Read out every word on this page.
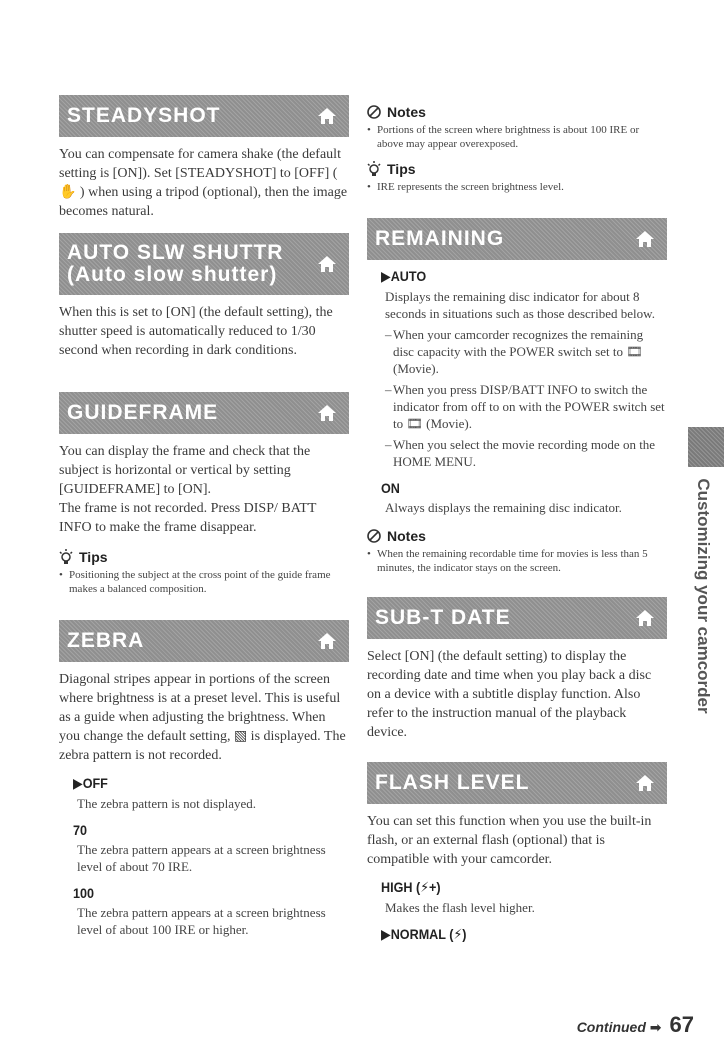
STEADYSHOT

You can compensate for camera shake (the default setting is [ON]). Set [STEADYSHOT] to [OFF] ( ✋ ) when using a tripod (optional), then the image becomes natural.

AUTO SLW SHUTTR
(Auto slow shutter)

When this is set to [ON] (the default setting), the shutter speed is automatically reduced to 1/30 second when recording in dark conditions.

GUIDEFRAME

You can display the frame and check that the subject is horizontal or vertical by setting [GUIDEFRAME] to [ON].

The frame is not recorded. Press DISP/ BATT INFO to make the frame disappear.

Tips

• Positioning the subject at the cross point of the guide frame makes a balanced composition.

ZEBRA

Diagonal stripes appear in portions of the screen where brightness is at a preset level. This is useful as a guide when adjusting the brightness. When you change the default setting, ▧ is displayed. The zebra pattern is not recorded.

▶OFF

The zebra pattern is not displayed.

70

The zebra pattern appears at a screen brightness level of about 70 IRE.

100

The zebra pattern appears at a screen brightness level of about 100 IRE or higher.

Notes

• Portions of the screen where brightness is about 100 IRE or above may appear overexposed.

Tips

• IRE represents the screen brightness level.

REMAINING
▶AUTO

Displays the remaining disc indicator for about 8 seconds in situations such as those described below.

– When your camcorder recognizes the remaining disc capacity with the POWER switch set to 🎞 (Movie).

– When you press DISP/BATT INFO to switch the indicator from off to on with the POWER switch set to 🎞 (Movie).

– When you select the movie recording mode on the HOME MENU.

ON

Always displays the remaining disc indicator.

Notes

• When the remaining recordable time for movies is less than 5 minutes, the indicator stays on the screen.

SUB-T DATE

Select [ON] (the default setting) to display the recording date and time when you play back a disc on a device with a subtitle display function. Also refer to the instruction manual of the playback device.

FLASH LEVEL

You can set this function when you use the built-in flash, or an external flash (optional) that is compatible with your camcorder.

HIGH (⚡+)

Makes the flash level higher.

▶NORMAL (⚡)
Customizing your camcorder
Continued ➡ 67
